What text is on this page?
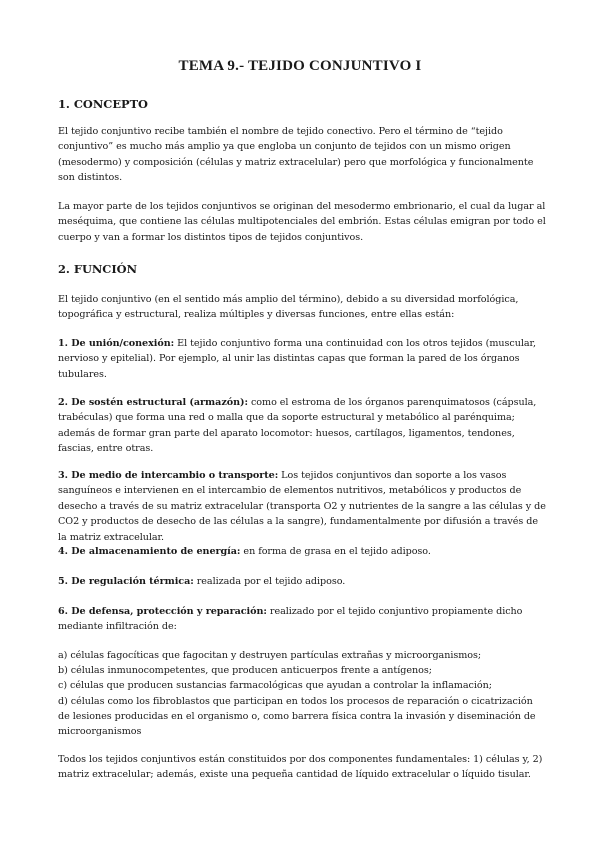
TEMA 9.- TEJIDO CONJUNTIVO I
1. CONCEPTO

El tejido conjuntivo recibe también el nombre de tejido conectivo. Pero el término de “tejido conjuntivo” es mucho más amplio ya que engloba un conjunto de tejidos con un mismo origen (mesodermo) y composición (células y matriz extracelular) pero que morfológica y funcionalmente son distintos.

La mayor parte de los tejidos conjuntivos se originan del mesodermo embrionario, el cual da lugar al meséquima, que contiene las células multipotenciales del embrión. Estas células emigran por todo el cuerpo y van a formar los distintos tipos de tejidos conjuntivos.

2. FUNCIÓN

El tejido conjuntivo (en el sentido más amplio del término), debido a su diversidad morfológica, topográfica y estructural, realiza múltiples y diversas funciones, entre ellas están:

1. De unión/conexión: El tejido conjuntivo forma una continuidad con los otros tejidos (muscular, nervioso y epitelial). Por ejemplo, al unir las distintas capas que forman la pared de los órganos tubulares.

2. De sostén estructural (armazón): como el estroma de los órganos parenquimatosos (cápsula, trabéculas) que forma una red o malla que da soporte estructural y metabólico al parénquima; además de formar gran parte del aparato locomotor: huesos, cartílagos, ligamentos, tendones, fascias, entre otras.

3. De medio de intercambio o transporte: Los tejidos conjuntivos dan soporte a los vasos sanguíneos e intervienen en el intercambio de elementos nutritivos, metabólicos y productos de desecho a través de su matriz extracelular (transporta O2 y nutrientes de la sangre a las células y de CO2 y productos de desecho de las células a la sangre), fundamentalmente por difusión a través de la matriz extracelular.

4. De almacenamiento de energía: en forma de grasa en el tejido adiposo.

5. De regulación térmica: realizada por el tejido adiposo.

6. De defensa, protección y reparación: realizado por el tejido conjuntivo propiamente dicho mediante infiltración de:

a) células fagocíticas que fagocitan y destruyen partículas extrañas y microorganismos;
b) células inmunocompetentes, que producen anticuerpos frente a antígenos;
c) células que producen sustancias farmacológicas que ayudan a controlar la inflamación;
d) células como los fibroblastos que participan en todos los procesos de reparación o cicatrización de lesiones producidas en el organismo o, como barrera física contra la invasión y diseminación de microorganismos

Todos los tejidos conjuntivos están constituidos por dos componentes fundamentales: 1) células y, 2) matriz extracelular; además, existe una pequeña cantidad de líquido extracelular o líquido tisular.
